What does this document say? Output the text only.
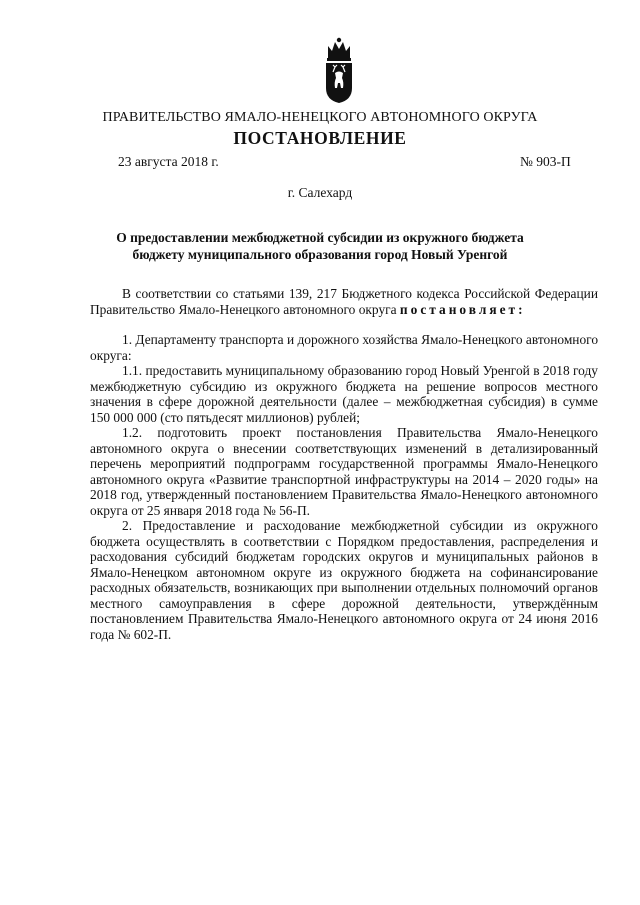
ПРАВИТЕЛЬСТВО ЯМАЛО-НЕНЕЦКОГО АВТОНОМНОГО ОКРУГА
ПОСТАНОВЛЕНИЕ
23 августа 2018 г.	№ 903-П
г. Салехард
О предоставлении межбюджетной субсидии из окружного бюджета бюджету муниципального образования город Новый Уренгой

В соответствии со статьями 139, 217 Бюджетного кодекса Российской Федерации Правительство Ямало-Ненецкого автономного округа постановляет:

1. Департаменту транспорта и дорожного хозяйства Ямало-Ненецкого автономного округа:

1.1. предоставить муниципальному образованию город Новый Уренгой в 2018 году межбюджетную субсидию из окружного бюджета на решение вопросов местного значения в сфере дорожной деятельности (далее – межбюджетная субсидия) в сумме 150 000 000 (сто пятьдесят миллионов) рублей;

1.2. подготовить проект постановления Правительства Ямало-Ненецкого автономного округа о внесении соответствующих изменений в детализированный перечень мероприятий подпрограмм государственной программы Ямало-Ненецкого автономного округа «Развитие транспортной инфраструктуры на 2014 – 2020 годы» на 2018 год, утвержденный постановлением Правительства Ямало-Ненецкого автономного округа от 25 января 2018 года № 56-П.

2. Предоставление и расходование межбюджетной субсидии из окружного бюджета осуществлять в соответствии с Порядком предоставления, распределения и расходования субсидий бюджетам городских округов и муниципальных районов в Ямало-Ненецком автономном округе из окружного бюджета на софинансирование расходных обязательств, возникающих при выполнении отдельных полномочий органов местного самоуправления в сфере дорожной деятельности, утверждённым постановлением Правительства Ямало-Ненецкого автономного округа от 24 июня 2016 года № 602-П.
